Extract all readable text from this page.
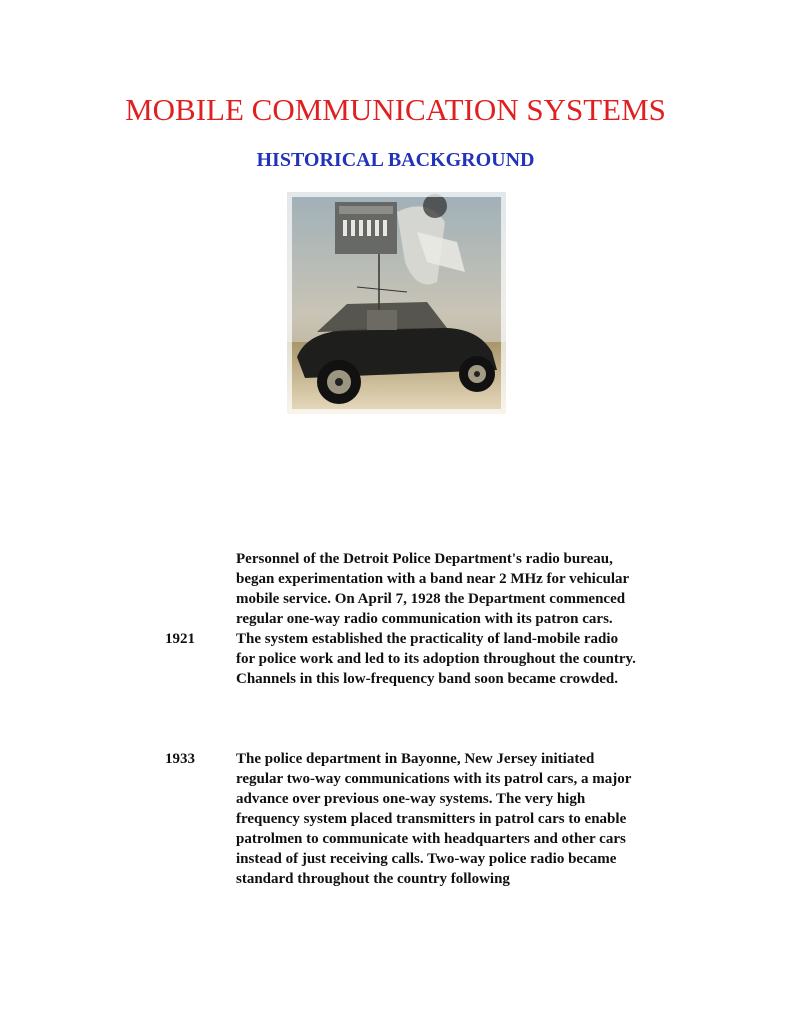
MOBILE COMMUNICATION SYSTEMS
HISTORICAL BACKGROUND
1921

Personnel of the Detroit Police Department's radio bureau, began experimentation with a band near 2 MHz for vehicular mobile service. On April 7, 1928 the Department commenced regular one-way radio communication with its patron cars. The system established the practicality of land-mobile radio for police work and led to its adoption throughout the country. Channels in this low-frequency band soon became crowded.

1933	The police department in Bayonne, New Jersey initiated regular two-way communications with its patrol cars, a major advance over previous one-way systems. The very high frequency system placed transmitters in patrol cars to enable patrolmen to communicate with headquarters and other cars instead of just receiving calls. Two-way police radio became standard throughout the country following
